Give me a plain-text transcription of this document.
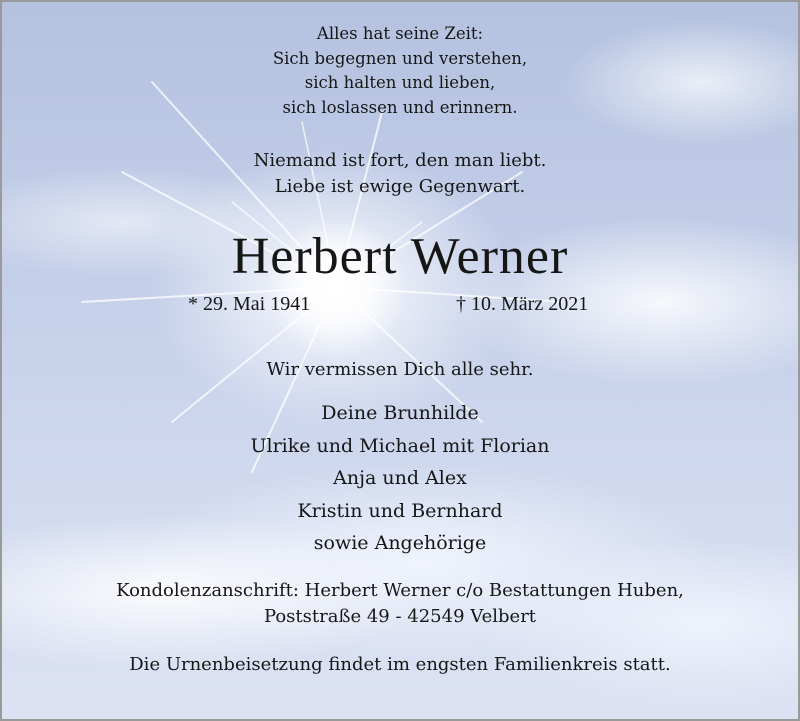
Alles hat seine Zeit:
Sich begegnen und verstehen,
sich halten und lieben,
sich loslassen und erinnern.
Niemand ist fort, den man liebt.
Liebe ist ewige Gegenwart.
Herbert Werner
* 29. Mai 1941	† 10. März 2021
Wir vermissen Dich alle sehr.
Deine Brunhilde
Ulrike und Michael mit Florian
Anja und Alex
Kristin und Bernhard
sowie Angehörige
Kondolenzanschrift: Herbert Werner c/o Bestattungen Huben,
Poststraße 49 - 42549 Velbert
Die Urnenbeisetzung findet im engsten Familienkreis statt.
